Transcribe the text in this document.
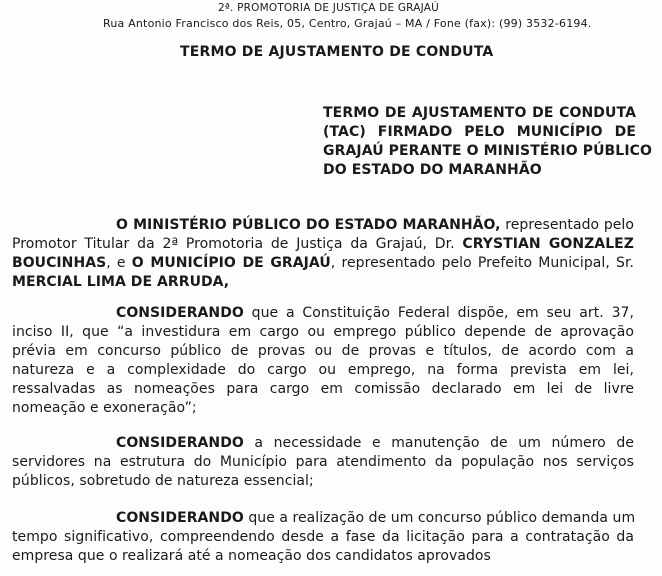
2ª. PROMOTORIA DE JUSTIÇA DE GRAJAÚ
Rua Antonio Francisco dos Reis, 05, Centro, Grajaú – MA / Fone (fax): (99) 3532-6194.
TERMO DE AJUSTAMENTO DE CONDUTA
TERMO DE AJUSTAMENTO DE CONDUTA
(TAC) FIRMADO PELO MUNICÍPIO DE
GRAJAÚ PERANTE O MINISTÉRIO PÚBLICO
DO ESTADO DO MARANHÃO
O MINISTÉRIO PÚBLICO DO ESTADO MARANHÃO, representado pelo
Promotor Titular da 2ª Promotoria de Justiça da Grajaú, Dr. CRYSTIAN GONZALEZ
BOUCINHAS, e O MUNICÍPIO DE GRAJAÚ, representado pelo Prefeito Municipal, Sr.
MERCIAL LIMA DE ARRUDA,
CONSIDERANDO que a Constituição Federal dispõe, em seu art. 37,
inciso II, que “a investidura em cargo ou emprego público depende de aprovação
prévia em concurso público de provas ou de provas e títulos, de acordo com a
natureza e a complexidade do cargo ou emprego, na forma prevista em lei,
ressalvadas as nomeações para cargo em comissão declarado em lei de livre
nomeação e exoneração”;
CONSIDERANDO a necessidade e manutenção de um número de
servidores na estrutura do Município para atendimento da população nos serviços
públicos, sobretudo de natureza essencial;
CONSIDERANDO que a realização de um concurso público demanda um
tempo significativo, compreendendo desde a fase da licitação para a contratação da
empresa que o realizará até a nomeação dos candidatos aprovados
